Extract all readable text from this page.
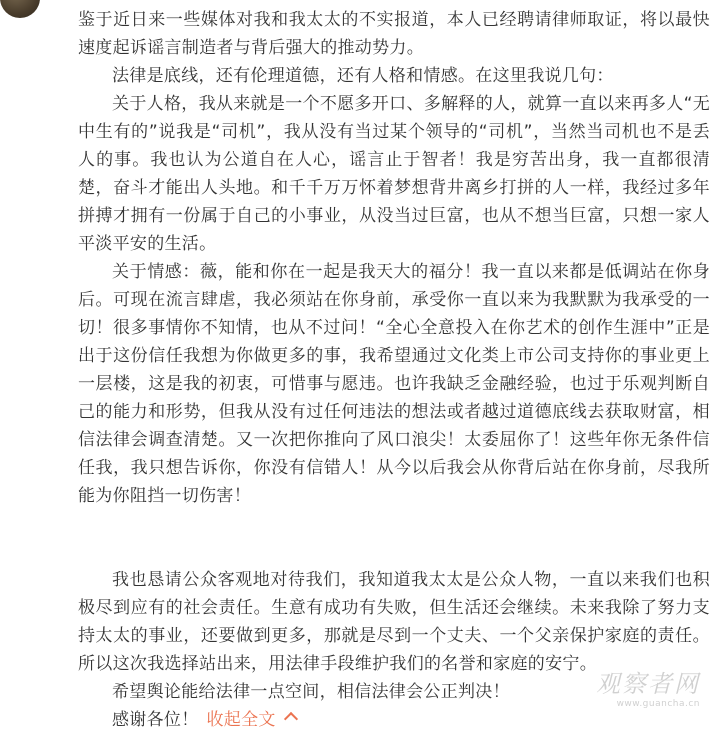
鉴于近日来一些媒体对我和我太太的不实报道，本人已经聘请律师取证，将以最快速度起诉谣言制造者与背后强大的推动势力。

法律是底线，还有伦理道德，还有人格和情感。在这里我说几句：

关于人格，我从来就是一个不愿多开口、多解释的人，就算一直以来再多人“无中生有的”说我是“司机”，我从没有当过某个领导的“司机”，当然当司机也不是丢人的事。我也认为公道自在人心，谣言止于智者！我是穷苦出身，我一直都很清楚，奋斗才能出人头地。和千千万万怀着梦想背井离乡打拼的人一样，我经过多年拼搏才拥有一份属于自己的小事业，从没当过巨富，也从不想当巨富，只想一家人平淡平安的生活。

关于情感：薇，能和你在一起是我天大的福分！我一直以来都是低调站在你身后。可现在流言肆虐，我必须站在你身前，承受你一直以来为我默默为我承受的一切！很多事情你不知情，也从不过问！“全心全意投入在你艺术的创作生涯中”正是出于这份信任我想为你做更多的事，我希望通过文化类上市公司支持你的事业更上一层楼，这是我的初衷，可惜事与愿违。也许我缺乏金融经验，也过于乐观判断自己的能力和形势，但我从没有过任何违法的想法或者越过道德底线去获取财富，相信法律会调查清楚。又一次把你推向了风口浪尖！太委屈你了！这些年你无条件信任我，我只想告诉你，你没有信错人！从今以后我会从你背后站在你身前，尽我所能为你阻挡一切伤害！

我也恳请公众客观地对待我们，我知道我太太是公众人物，一直以来我们也积极尽到应有的社会责任。生意有成功有失败，但生活还会继续。未来我除了努力支持太太的事业，还要做到更多，那就是尽到一个丈夫、一个父亲保护家庭的责任。所以这次我选择站出来，用法律手段维护我们的名誉和家庭的安宁。

希望舆论能给法律一点空间，相信法律会公正判决！

感谢各位！ 收起全文

观察者网
www.guancha.cn
